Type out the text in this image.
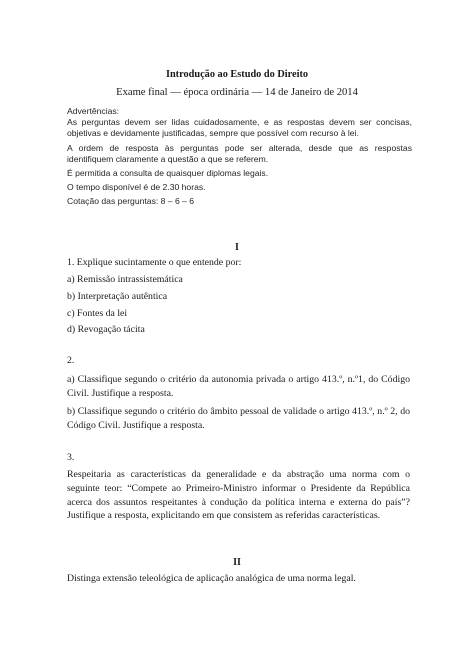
Introdução ao Estudo do Direito
Exame final — época ordinária — 14 de Janeiro de 2014
Advertências:
As perguntas devem ser lidas cuidadosamente, e as respostas devem ser concisas, objetivas e devidamente justificadas, sempre que possível com recurso à lei.
A ordem de resposta às perguntas pode ser alterada, desde que as respostas identifiquem claramente a questão a que se referem.
É permitida a consulta de quaisquer diplomas legais.
O tempo disponível é de 2.30 horas.
Cotação das perguntas: 8 – 6 – 6
I
1. Explique sucintamente o que entende por:
a) Remissão intrassistemática
b) Interpretação autêntica
c) Fontes da lei
d) Revogação tácita
2.
a) Classifique segundo o critério da autonomia privada o artigo 413.º, n.º1, do Código Civil. Justifique a resposta.
b) Classifique segundo o critério do âmbito pessoal de validade o artigo 413.º, n.º 2, do Código Civil. Justifique a resposta.
3.
Respeitaria as características da generalidade e da abstração uma norma com o seguinte teor: “Compete ao Primeiro-Ministro informar o Presidente da República acerca dos assuntos respeitantes à condução da política interna e externa do país”? Justifique a resposta, explicitando em que consistem as referidas características.
II
Distinga extensão teleológica de aplicação analógica de uma norma legal.
